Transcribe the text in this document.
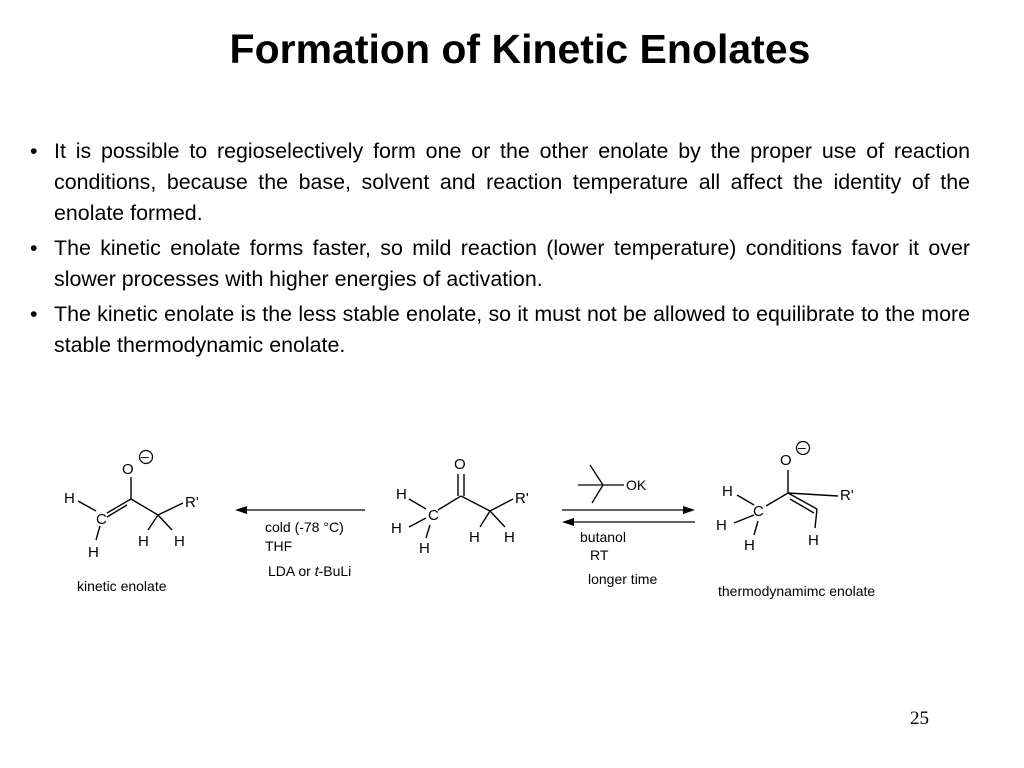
Formation of Kinetic Enolates
• It is possible to regioselectively form one or the other enolate by the proper use of reaction conditions, because the base, solvent and reaction temperature all affect the identity of the enolate formed.
• The kinetic enolate forms faster, so mild reaction (lower temperature) conditions favor it over slower processes with higher energies of activation.
• The kinetic enolate is the less stable enolate, so it must not be allowed to equilibrate to the more stable thermodynamic enolate.
O
–
H
C
H
H H
R'
kinetic enolate
cold (-78 °C)
THF
LDA or t-BuLi
O
H
C
H
H
H H
R'
OK
butanol
RT
longer time
O
–
H
C
H
H	H
R'
thermodynamimc enolate
25
